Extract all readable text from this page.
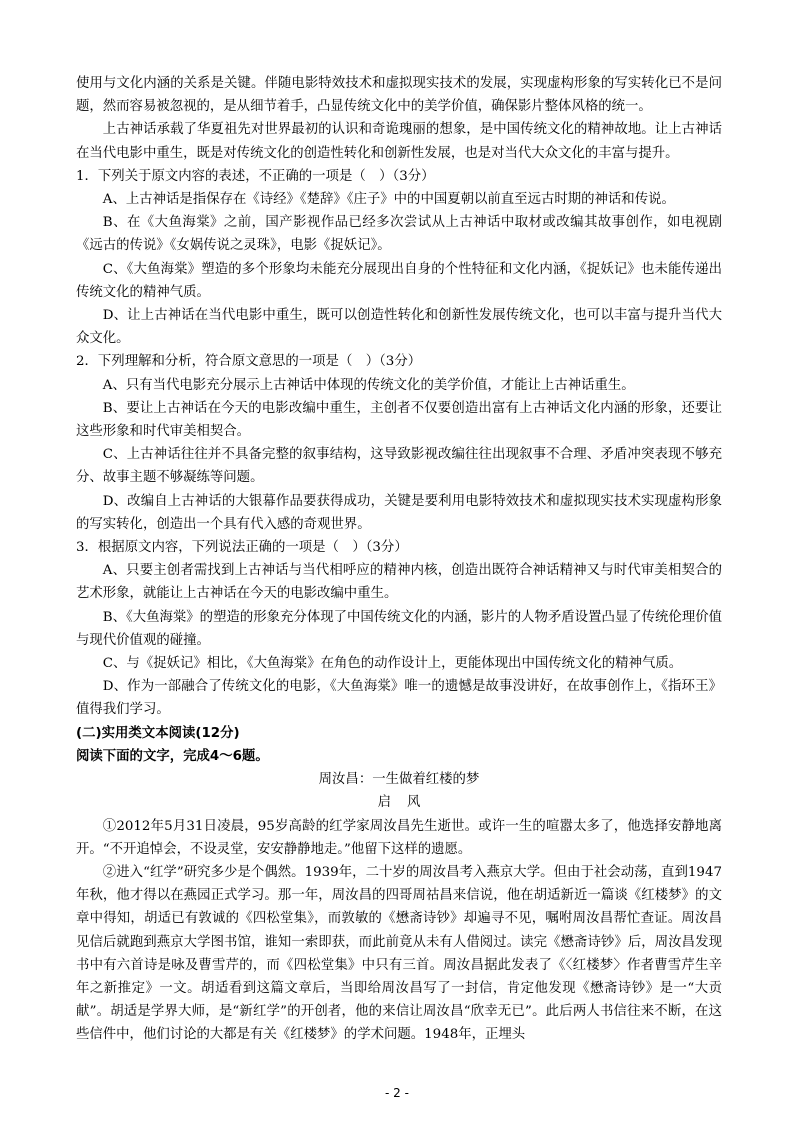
使用与文化内涵的关系是关键。伴随电影特效技术和虚拟现实技术的发展，实现虚构形象的写实转化已不是问题，然而容易被忽视的，是从细节着手，凸显传统文化中的美学价值，确保影片整体风格的统一。

上古神话承载了华夏祖先对世界最初的认识和奇诡瑰丽的想象，是中国传统文化的精神故地。让上古神话在当代电影中重生，既是对传统文化的创造性转化和创新性发展，也是对当代大众文化的丰富与提升。

1．下列关于原文内容的表述，不正确的一项是（　）（3分）

A、上古神话是指保存在《诗经》《楚辞》《庄子》中的中国夏朝以前直至远古时期的神话和传说。

B、在《大鱼海棠》之前，国产影视作品已经多次尝试从上古神话中取材或改编其故事创作，如电视剧《远古的传说》《女娲传说之灵珠》，电影《捉妖记》。

C、《大鱼海棠》塑造的多个形象均未能充分展现出自身的个性特征和文化内涵，《捉妖记》也未能传递出传统文化的精神气质。

D、让上古神话在当代电影中重生，既可以创造性转化和创新性发展传统文化，也可以丰富与提升当代大众文化。

2．下列理解和分析，符合原文意思的一项是（　）（3分）

A、只有当代电影充分展示上古神话中体现的传统文化的美学价值，才能让上古神话重生。

B、要让上古神话在今天的电影改编中重生，主创者不仅要创造出富有上古神话文化内涵的形象，还要让这些形象和时代审美相契合。

C、上古神话往往并不具备完整的叙事结构，这导致影视改编往往出现叙事不合理、矛盾冲突表现不够充分、故事主题不够凝练等问题。

D、改编自上古神话的大银幕作品要获得成功，关键是要利用电影特效技术和虚拟现实技术实现虚构形象的写实转化，创造出一个具有代入感的奇观世界。

3．根据原文内容，下列说法正确的一项是（　）（3分）

A、只要主创者需找到上古神话与当代相呼应的精神内核，创造出既符合神话精神又与时代审美相契合的艺术形象，就能让上古神话在今天的电影改编中重生。

B、《大鱼海棠》的塑造的形象充分体现了中国传统文化的内涵，影片的人物矛盾设置凸显了传统伦理价值与现代价值观的碰撞。

C、与《捉妖记》相比，《大鱼海棠》在角色的动作设计上，更能体现出中国传统文化的精神气质。

D、作为一部融合了传统文化的电影，《大鱼海棠》唯一的遗憾是故事没讲好，在故事创作上，《指环王》值得我们学习。

(二)实用类文本阅读(12分)

阅读下面的文字，完成4～6题。

周汝昌：一生做着红楼的梦

启风

①2012年5月31日凌晨，95岁高龄的红学家周汝昌先生逝世。或许一生的喧嚣太多了，他选择安静地离开。“不开追悼会，不设灵堂，安安静静地走。”他留下这样的遗愿。

②进入“红学”研究多少是个偶然。1939年，二十岁的周汝昌考入燕京大学。但由于社会动荡，直到1947年秋，他才得以在燕园正式学习。那一年，周汝昌的四哥周祜昌来信说，他在胡适新近一篇谈《红楼梦》的文章中得知，胡适已有敦诚的《四松堂集》，而敦敏的《懋斋诗钞》却遍寻不见，嘱咐周汝昌帮忙查证。周汝昌见信后就跑到燕京大学图书馆，谁知一索即获，而此前竟从未有人借阅过。读完《懋斋诗钞》后，周汝昌发现书中有六首诗是咏及曹雪芹的，而《四松堂集》中只有三首。周汝昌据此发表了《〈红楼梦〉作者曹雪芹生辛年之新推定》一文。胡适看到这篇文章后，当即给周汝昌写了一封信，肯定他发现《懋斋诗钞》是一“大贡献”。胡适是学界大师，是“新红学”的开创者，他的来信让周汝昌“欣幸无已”。此后两人书信往来不断，在这些信件中，他们讨论的大都是有关《红楼梦》的学术问题。1948年，正埋头

- 2 -
